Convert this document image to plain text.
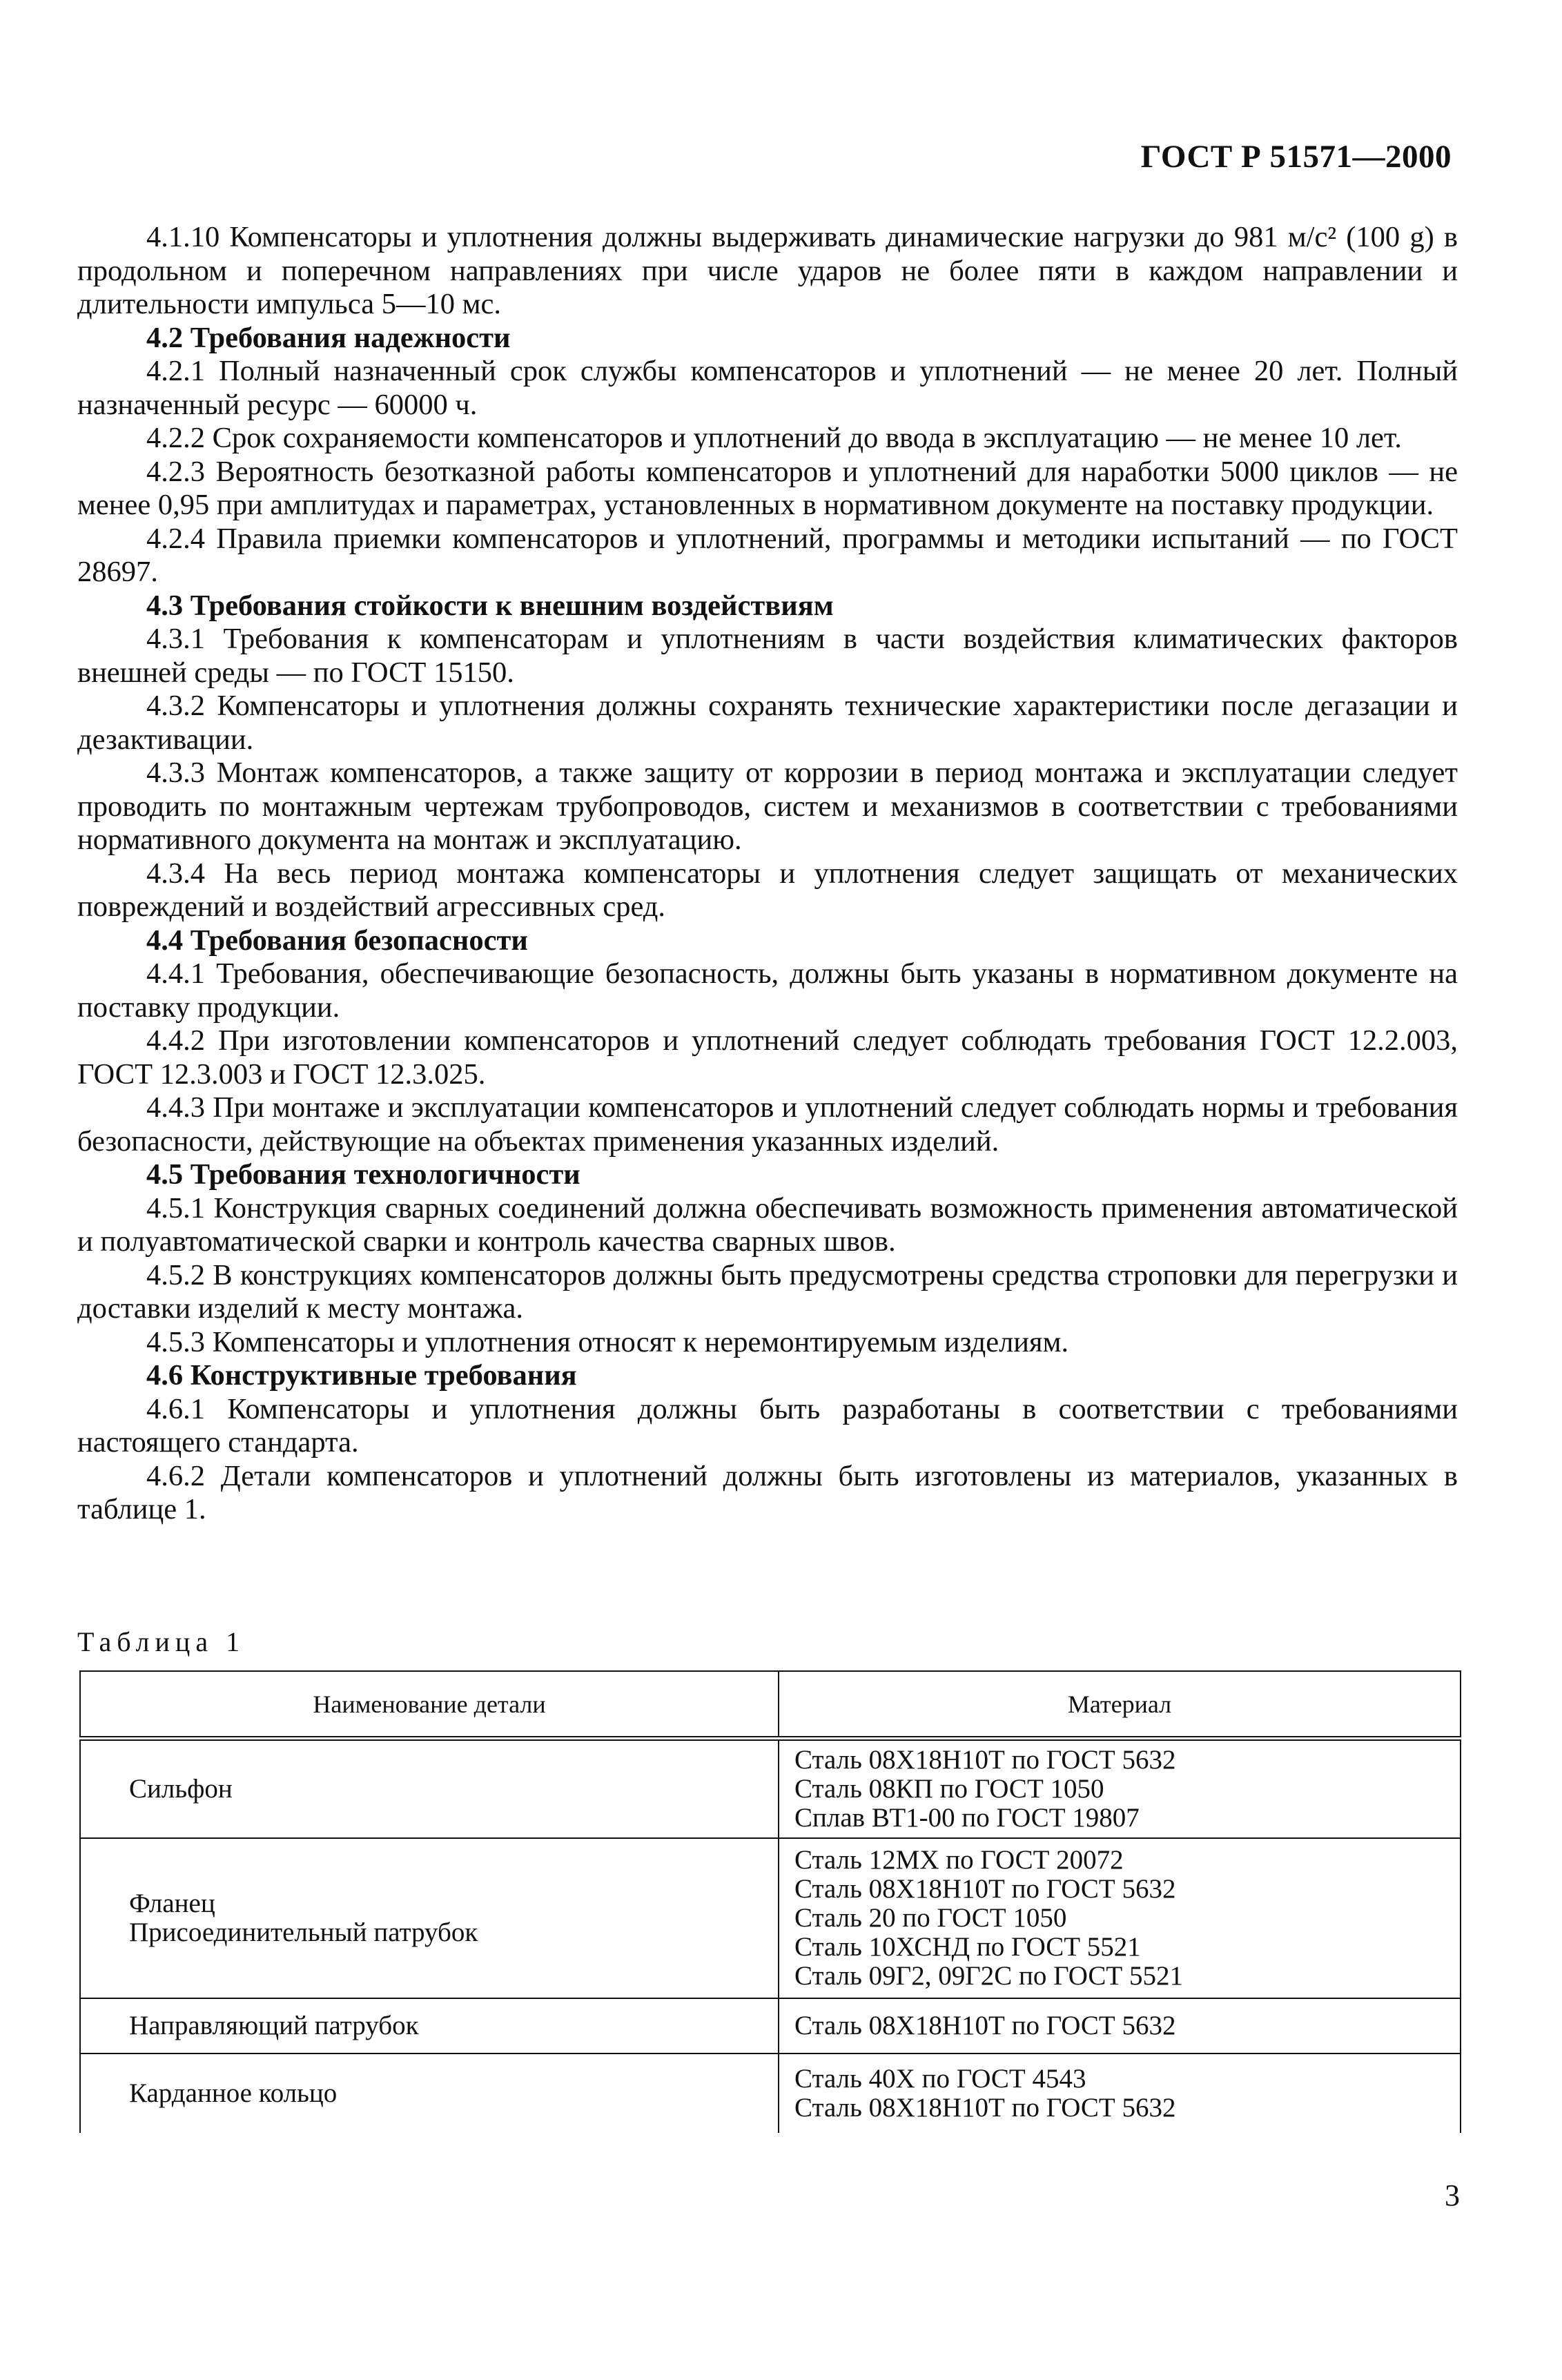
ГОСТ Р 51571—2000

4.1.10 Компенсаторы и уплотнения должны выдерживать динамические нагрузки до 981 м/с² (100 g) в продольном и поперечном направлениях при числе ударов не более пяти в каждом направлении и длительности импульса 5—10 мс.

4.2 Требования надежности

4.2.1 Полный назначенный срок службы компенсаторов и уплотнений — не менее 20 лет. Полный назначенный ресурс — 60000 ч.

4.2.2 Срок сохраняемости компенсаторов и уплотнений до ввода в эксплуатацию — не менее 10 лет.

4.2.3 Вероятность безотказной работы компенсаторов и уплотнений для наработки 5000 циклов — не менее 0,95 при амплитудах и параметрах, установленных в нормативном документе на поставку продукции.

4.2.4 Правила приемки компенсаторов и уплотнений, программы и методики испытаний — по ГОСТ 28697.

4.3 Требования стойкости к внешним воздействиям

4.3.1 Требования к компенсаторам и уплотнениям в части воздействия климатических факторов внешней среды — по ГОСТ 15150.

4.3.2 Компенсаторы и уплотнения должны сохранять технические характеристики после дегазации и дезактивации.

4.3.3 Монтаж компенсаторов, а также защиту от коррозии в период монтажа и эксплуатации следует проводить по монтажным чертежам трубопроводов, систем и механизмов в соответствии с требованиями нормативного документа на монтаж и эксплуатацию.

4.3.4 На весь период монтажа компенсаторы и уплотнения следует защищать от механических повреждений и воздействий агрессивных сред.

4.4 Требования безопасности

4.4.1 Требования, обеспечивающие безопасность, должны быть указаны в нормативном документе на поставку продукции.

4.4.2 При изготовлении компенсаторов и уплотнений следует соблюдать требования ГОСТ 12.2.003, ГОСТ 12.3.003 и ГОСТ 12.3.025.

4.4.3 При монтаже и эксплуатации компенсаторов и уплотнений следует соблюдать нормы и требования безопасности, действующие на объектах применения указанных изделий.

4.5 Требования технологичности

4.5.1 Конструкция сварных соединений должна обеспечивать возможность применения автоматической и полуавтоматической сварки и контроль качества сварных швов.

4.5.2 В конструкциях компенсаторов должны быть предусмотрены средства строповки для перегрузки и доставки изделий к месту монтажа.

4.5.3 Компенсаторы и уплотнения относят к неремонтируемым изделиям.

4.6 Конструктивные требования

4.6.1 Компенсаторы и уплотнения должны быть разработаны в соответствии с требованиями настоящего стандарта.

4.6.2 Детали компенсаторов и уплотнений должны быть изготовлены из материалов, указанных в таблице 1.

Таблица 1
Наименование детали	Материал

Сильфон	Сталь 08Х18Н10Т по ГОСТ 5632
Сталь 08КП по ГОСТ 1050
Сплав ВТ1-00 по ГОСТ 19807

Фланец
Присоединительный патрубок	Сталь 12МХ по ГОСТ 20072
Сталь 08Х18Н10Т по ГОСТ 5632
Сталь 20 по ГОСТ 1050
Сталь 10ХСНД по ГОСТ 5521
Сталь 09Г2, 09Г2С по ГОСТ 5521

Направляющий патрубок	Сталь 08Х18Н10Т по ГОСТ 5632

Карданное кольцо	Сталь 40Х по ГОСТ 4543
Сталь 08Х18Н10Т по ГОСТ 5632
3
